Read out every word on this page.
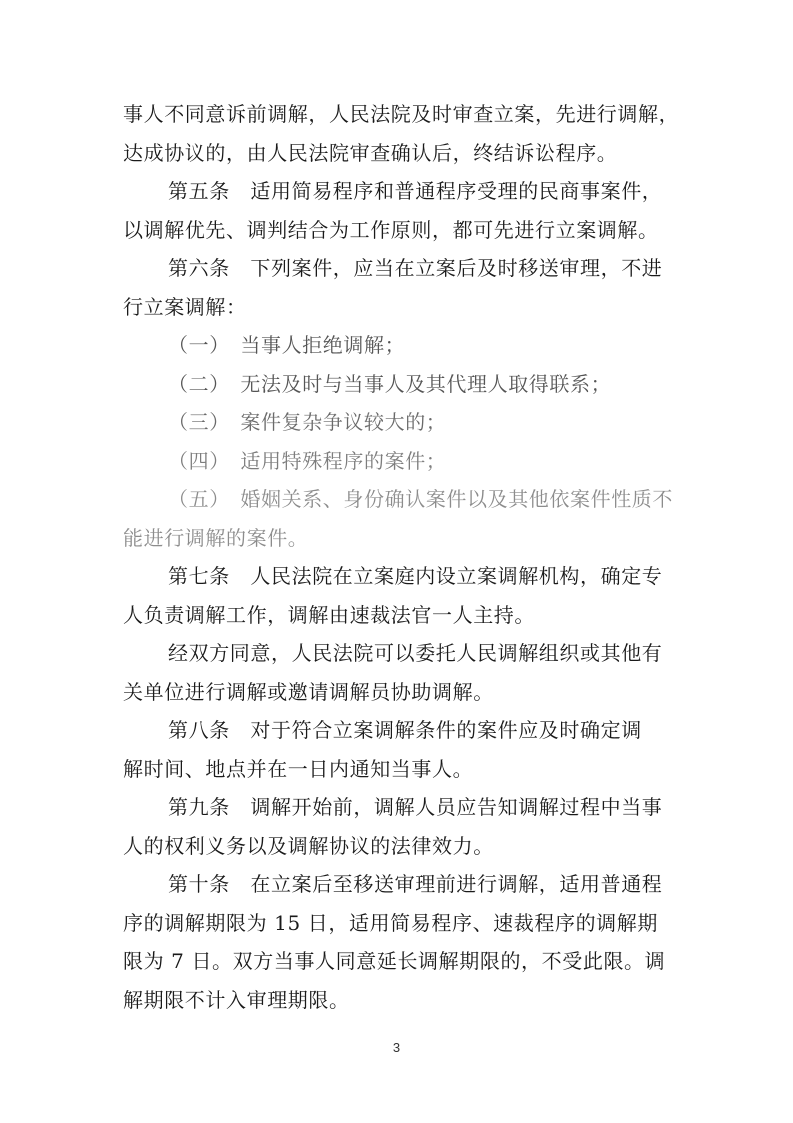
事人不同意诉前调解，人民法院及时审查立案，先进行调解，
达成协议的，由人民法院审查确认后，终结诉讼程序。
第五条　适用简易程序和普通程序受理的民商事案件，
以调解优先、调判结合为工作原则，都可先进行立案调解。
第六条　下列案件，应当在立案后及时移送审理，不进
行立案调解：
（一）　当事人拒绝调解；
（二）　无法及时与当事人及其代理人取得联系；
（三）　案件复杂争议较大的；
（四）　适用特殊程序的案件；
（五）　婚姻关系、身份确认案件以及其他依案件性质不
能进行调解的案件。
第七条　人民法院在立案庭内设立案调解机构，确定专
人负责调解工作，调解由速裁法官一人主持。
经双方同意，人民法院可以委托人民调解组织或其他有
关单位进行调解或邀请调解员协助调解。
第八条　对于符合立案调解条件的案件应及时确定调
解时间、地点并在一日内通知当事人。
第九条　调解开始前，调解人员应告知调解过程中当事
人的权利义务以及调解协议的法律效力。
第十条　在立案后至移送审理前进行调解，适用普通程
序的调解期限为 15 日，适用简易程序、速裁程序的调解期
限为 7 日。双方当事人同意延长调解期限的，不受此限。调
解期限不计入审理期限。
3
